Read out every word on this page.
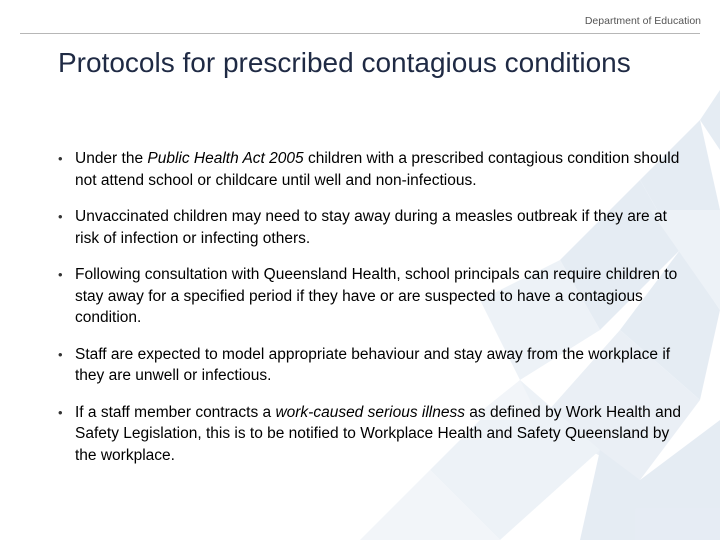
Department of Education
Protocols for prescribed contagious conditions
• Under the Public Health Act 2005 children with a prescribed contagious condition should not attend school or childcare until well and non-infectious.
• Unvaccinated children may need to stay away during a measles outbreak if they are at risk of infection or infecting others.
• Following consultation with Queensland Health, school principals can require children to stay away for a specified period if they have or are suspected to have a contagious condition.
• Staff are expected to model appropriate behaviour and stay away from the workplace if they are unwell or infectious.
• If a staff member contracts a work-caused serious illness as defined by Work Health and Safety Legislation, this is to be notified to Workplace Health and Safety Queensland by the workplace.
